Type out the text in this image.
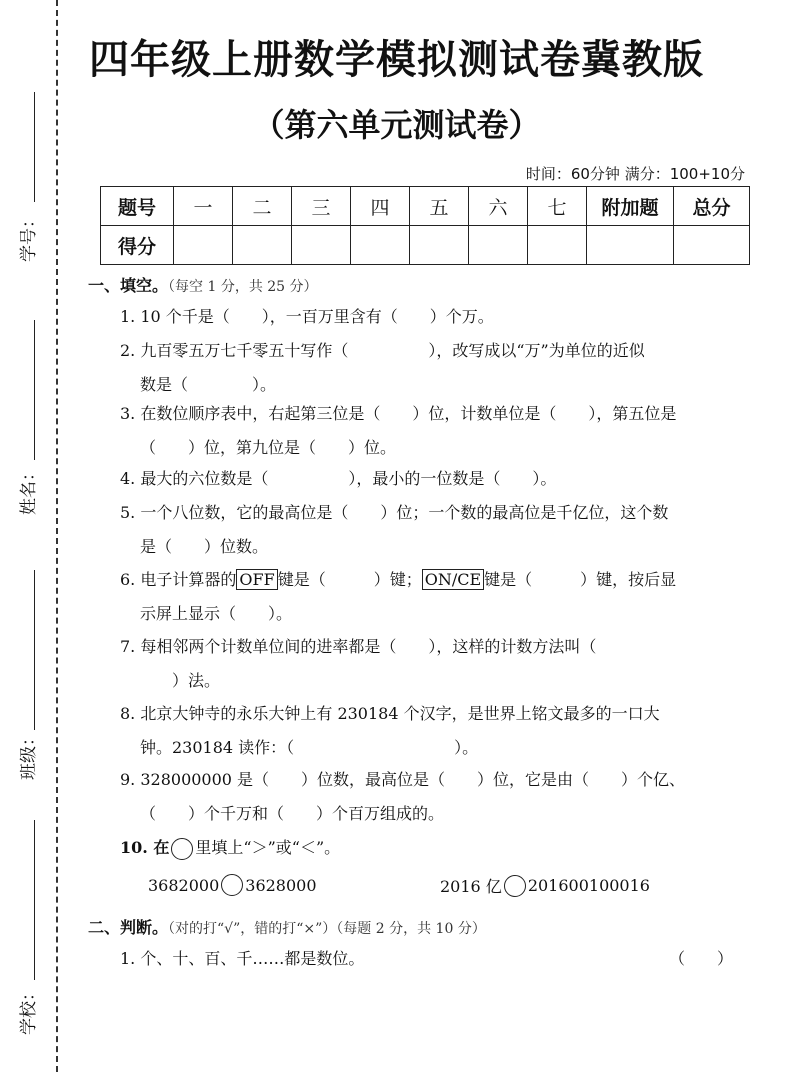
学号：
姓名：
班级：
学校：
四年级上册数学模拟测试卷冀教版
（第六单元测试卷）
时间：60分钟 满分：100+10分
题号	一	二	三	四	五	六	七	附加题	总分
得分									
一、填空。（每空 1 分，共 25 分）
1. 10 个千是（　　），一百万里含有（　　）个万。
2. 九百零五万七千零五十写作（　　　　　），改写成以“万”为单位的近似
数是（　　　　）。
3. 在数位顺序表中，右起第三位是（　　）位，计数单位是（　　），第五位是
（　　）位，第九位是（　　）位。
4. 最大的六位数是（　　　　　），最小的一位数是（　　）。
5. 一个八位数，它的最高位是（　　）位；一个数的最高位是千亿位，这个数
是（　　）位数。
6. 电子计算器的 OFF 键是（　　　）键； ON/CE 键是（　　　）键，按后显
示屏上显示（　　）。
7. 每相邻两个计数单位间的进率都是（　　），这样的计数方法叫（
　　）法。
8. 北京大钟寺的永乐大钟上有 230184 个汉字，是世界上铭文最多的一口大
钟。230184 读作：（　　　　　　　　　　）。
9. 328000000 是（　　）位数，最高位是（　　）位，它是由（　　）个亿、
（　　）个千万和（　　）个百万组成的。
10. 在 里填上“＞”或“＜”。
3682000 3628000	2016 亿 201600100016
二、判断。（对的打“√”，错的打“×”）（每题 2 分，共 10 分）
1. 个、十、百、千……都是数位。	（　　）
